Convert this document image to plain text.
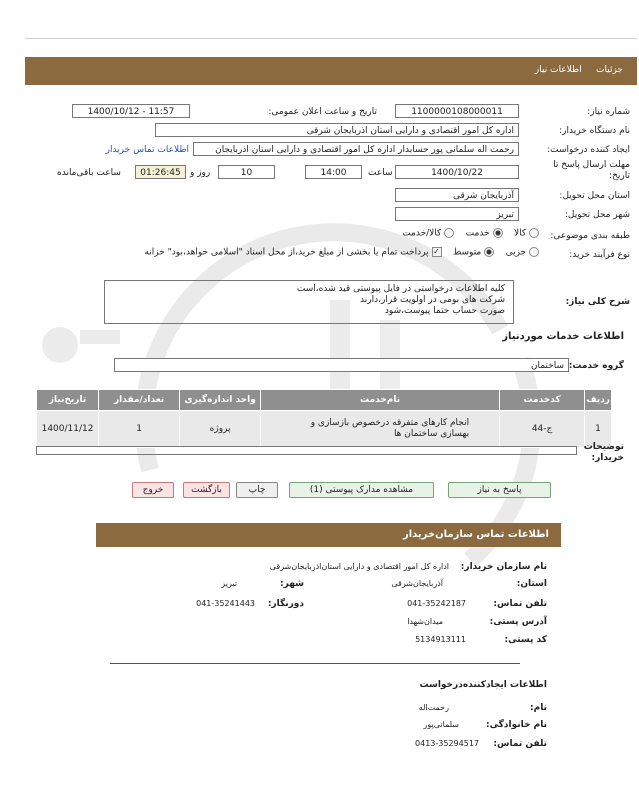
جزئیات     اطلاعات نیاز
شماره نیاز:
1100000108000011
تاریخ و ساعت اعلان عمومی:
1400/10/12 - 11:57
نام دستگاه خریدار:
اداره کل امور اقتصادی و دارایی استان اذربایجان شرقی
ایجاد کننده درخواست:
رحمت اله سلمانی پور حسابدار اداره کل امور اقتصادی و دارایی استان اذربایجان
اطلاعات تماس خریدار
مهلت ارسال پاسخ تا تاریخ:
1400/10/22
ساعت
14:00
10
روز و
01:26:45
ساعت باقی‌مانده
استان محل تحویل:
آذربایجان شرقی
شهر محل تحویل:
تبریز
طبقه بندی موضوعی:
کالا     خدمت     کالا/خدمت
نوع فرآیند خرید:
جزیی     متوسط    ✓ پرداخت تمام یا بخشی از مبلغ خرید،از محل اسناد "اسلامی خواهد،بود" خزانه
شرح کلی نیاز:
کلیه اطلاعات درخواستی در فایل پیوستی قید شده،است
شرکت های بومی در اولویت قرار،دارند
صورت حساب حتما پیوست،شود
اطلاعات خدمات موردنیاز
گروه خدمت:
ساختمان
ردیف	کدخدمت	نام‌خدمت	واحد اندازه‌گیری	تعداد/مقدار	تاریخ‌نیاز
1	ج-44	انجام کارهای متفرقه درخصوص بازسازی و
بهسازی ساختمان ها	پروژه	1	1400/11/12
توضیحات خریدار:
پاسخ به نیاز
مشاهده مدارک پیوستی (1)
چاپ
بازگشت
خروج
اطلاعات تماس سازمان‌خریدار
نام سازمان خریدار:
اداره کل امور اقتصادی و دارایی استان‌اذربایجان‌شرقی
استان:
آذربایجان‌شرقی
شهر:
تبریز
تلفن تماس:
041-35242187
دورنگار:
041-35241443
آدرس پستی:
میدان‌شهدا
کد پستی:
5134913111
اطلاعات ایجادکننده‌درخواست
نام:
رحمت‌اله
نام خانوادگی:
سلمانی‌پور
تلفن تماس:
0413-35294517
